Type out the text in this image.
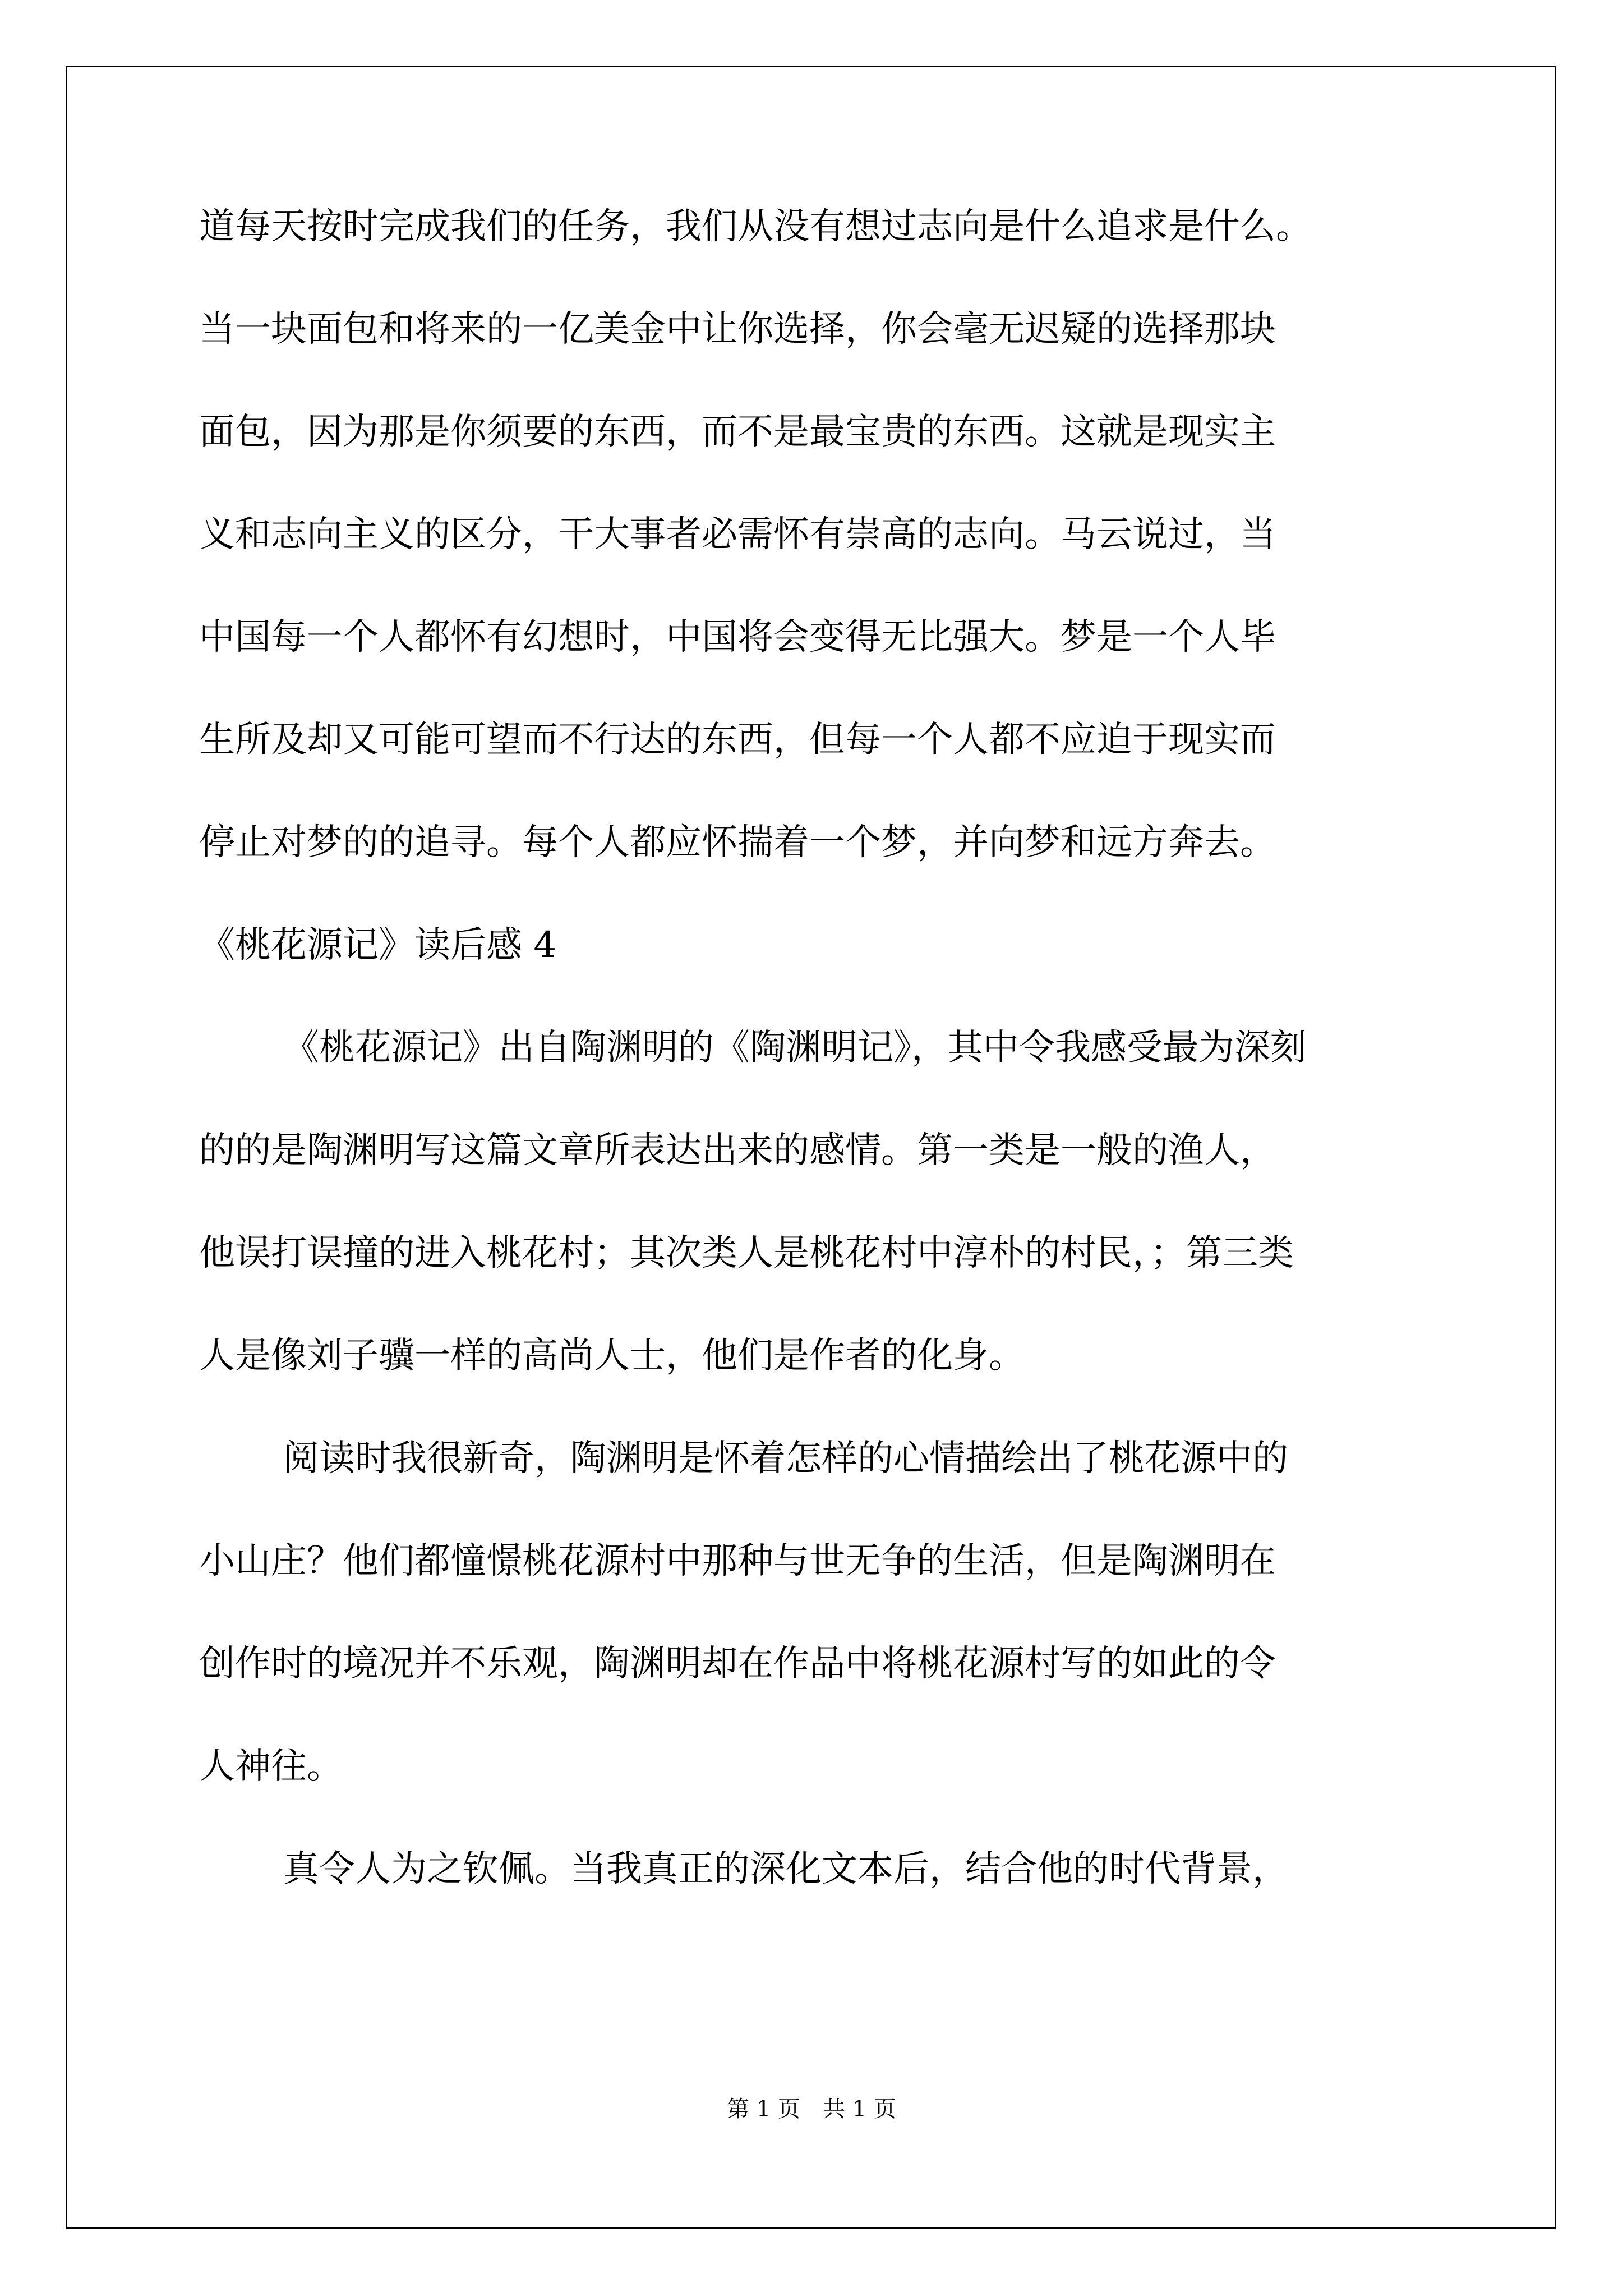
道每天按时完成我们的任务，我们从没有想过志向是什么追求是什么。
当一块面包和将来的一亿美金中让你选择，你会毫无迟疑的选择那块
面包，因为那是你须要的东西，而不是最宝贵的东西。这就是现实主
义和志向主义的区分，干大事者必需怀有崇高的志向。马云说过，当
中国每一个人都怀有幻想时，中国将会变得无比强大。梦是一个人毕
生所及却又可能可望而不行达的东西，但每一个人都不应迫于现实而
停止对梦的的追寻。每个人都应怀揣着一个梦，并向梦和远方奔去。
《桃花源记》读后感 4
《桃花源记》出自陶渊明的《陶渊明记》，其中令我感受最为深刻
的的是陶渊明写这篇文章所表达出来的感情。第一类是一般的渔人，
他误打误撞的进入桃花村；其次类人是桃花村中淳朴的村民，；第三类
人是像刘子骥一样的高尚人士，他们是作者的化身。
阅读时我很新奇，陶渊明是怀着怎样的心情描绘出了桃花源中的
小山庄？他们都憧憬桃花源村中那种与世无争的生活，但是陶渊明在
创作时的境况并不乐观，陶渊明却在作品中将桃花源村写的如此的令
人神往。
真令人为之钦佩。当我真正的深化文本后，结合他的时代背景，
第 1 页 共 1 页
